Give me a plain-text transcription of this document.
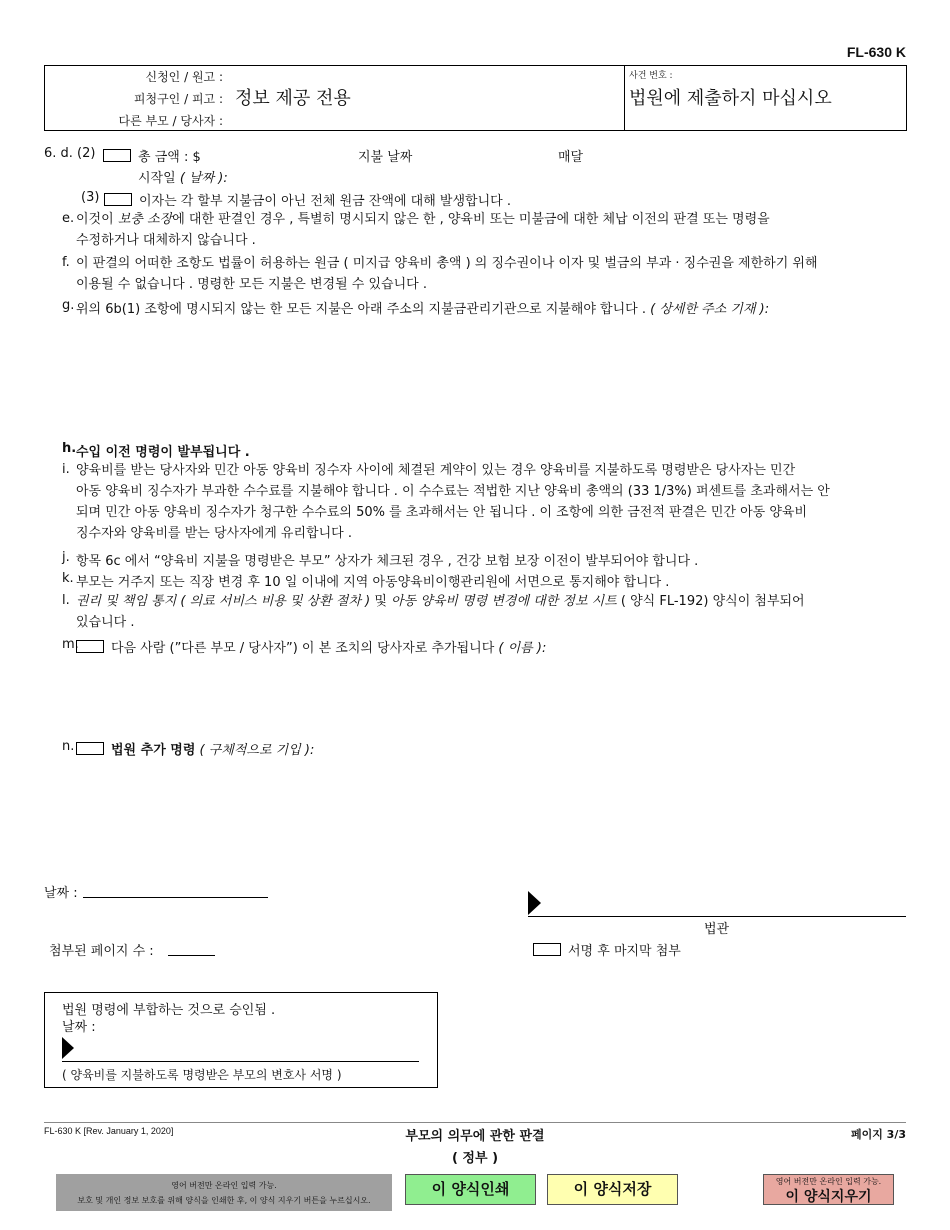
FL-630 K
신청인 / 원고 :
피청구인 / 피고 : 정보 제공 전용
다른 부모 / 당사자 :
사건 번호 :
법원에 제출하지 마십시오
6. d. (2)	총 금액 : $	지불 날짜	매달
시작일 ( 날짜 ):
(3)	이자는 각 할부 지불금이 아닌 전체 원금 잔액에 대해 발생합니다 .
e. 이것이 보충 소장에 대한 판결인 경우 , 특별히 명시되지 않은 한 , 양육비 또는 미불금에 대한 체납 이전의 판결 또는 명령을
수정하거나 대체하지 않습니다 .
f. 이 판결의 어떠한 조항도 법률이 허용하는 원금 ( 미지급 양육비 총액 ) 의 징수권이나 이자 및 벌금의 부과 · 징수권을 제한하기 위해
이용될 수 없습니다 . 명령한 모든 지불은 변경될 수 있습니다 .
g. 위의 6b(1) 조항에 명시되지 않는 한 모든 지불은 아래 주소의 지불금관리기관으로 지불해야 합니다 . ( 상세한 주소 기재 ):
h. 수입 이전 명령이 발부됩니다 .
i. 양육비를 받는 당사자와 민간 아동 양육비 징수자 사이에 체결된 계약이 있는 경우 양육비를 지불하도록 명령받은 당사자는 민간
아동 양육비 징수자가 부과한 수수료를 지불해야 합니다 . 이 수수료는 적법한 지난 양육비 총액의 (33 1/3%) 퍼센트를 초과해서는 안
되며 민간 아동 양육비 징수자가 청구한 수수료의 50% 를 초과해서는 안 됩니다 . 이 조항에 의한 금전적 판결은 민간 아동 양육비
징수자와 양육비를 받는 당사자에게 유리합니다 .
j. 항목 6c 에서 “양육비 지불을 명령받은 부모” 상자가 체크된 경우 , 건강 보험 보장 이전이 발부되어야 합니다 .
k. 부모는 거주지 또는 직장 변경 후 10 일 이내에 지역 아동양육비이행관리원에 서면으로 통지해야 합니다 .
l. 권리 및 책임 통지 ( 의료 서비스 비용 및 상환 절차 ) 및 아동 양육비 명령 변경에 대한 정보 시트 ( 양식 FL-192) 양식이 첨부되어
있습니다 .
m. 다음 사람 (”다른 부모 / 당사자”) 이 본 조치의 당사자로 추가됩니다 ( 이름 ):
n.	법원 추가 명령 ( 구체적으로 기입 ):
날짜 :
법관
첨부된 페이지 수 :	서명 후 마지막 첨부
법원 명령에 부합하는 것으로 승인됨 .
날짜 :
( 양육비를 지불하도록 명령받은 부모의 변호사 서명 )
FL-630 K [Rev. January 1, 2020]	부모의 의무에 관한 판결
( 정부 )
페이지 3/3
영어 버전만 온라인 입력 가능.
보호 및 개인 정보 보호를 위해 양식을 인쇄한 후, 이 양식 지우기 버튼을 누르십시오.
이 양식인쇄	이 양식저장	영어 버전만 온라인 입력 가능.
이 양식지우기
